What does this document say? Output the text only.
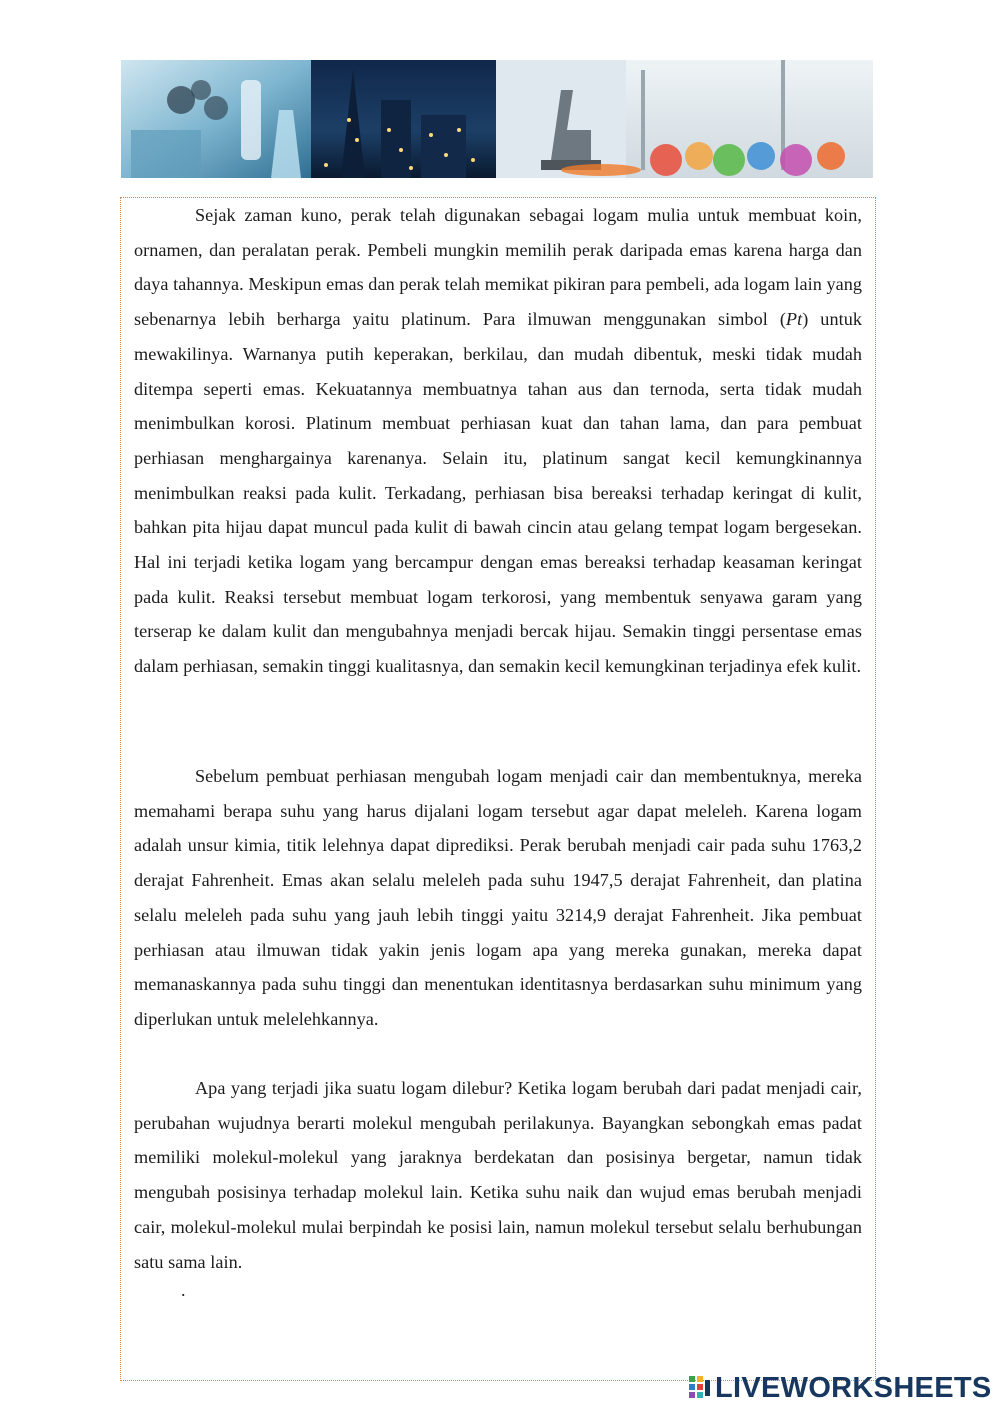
Sejak zaman kuno, perak telah digunakan sebagai logam mulia untuk membuat koin, ornamen, dan peralatan perak. Pembeli mungkin memilih perak daripada emas karena harga dan daya tahannya. Meskipun emas dan perak telah memikat pikiran para pembeli, ada logam lain yang sebenarnya lebih berharga yaitu platinum. Para ilmuwan menggunakan simbol (Pt) untuk mewakilinya. Warnanya putih keperakan, berkilau, dan mudah dibentuk, meski tidak mudah ditempa seperti emas. Kekuatannya membuatnya tahan aus dan ternoda, serta tidak mudah menimbulkan korosi. Platinum membuat perhiasan kuat dan tahan lama, dan para pembuat perhiasan menghargainya karenanya. Selain itu, platinum sangat kecil kemungkinannya menimbulkan reaksi pada kulit. Terkadang, perhiasan bisa bereaksi terhadap keringat di kulit, bahkan pita hijau dapat muncul pada kulit di bawah cincin atau gelang tempat logam bergesekan. Hal ini terjadi ketika logam yang bercampur dengan emas bereaksi terhadap keasaman keringat pada kulit. Reaksi tersebut membuat logam terkorosi, yang membentuk senyawa garam yang terserap ke dalam kulit dan mengubahnya menjadi bercak hijau. Semakin tinggi persentase emas dalam perhiasan, semakin tinggi kualitasnya, dan semakin kecil kemungkinan terjadinya efek kulit.

Sebelum pembuat perhiasan mengubah logam menjadi cair dan membentuknya, mereka memahami berapa suhu yang harus dijalani logam tersebut agar dapat meleleh. Karena logam adalah unsur kimia, titik lelehnya dapat diprediksi. Perak berubah menjadi cair pada suhu 1763,2 derajat Fahrenheit. Emas akan selalu meleleh pada suhu 1947,5 derajat Fahrenheit, dan platina selalu meleleh pada suhu yang jauh lebih tinggi yaitu 3214,9 derajat Fahrenheit. Jika pembuat perhiasan atau ilmuwan tidak yakin jenis logam apa yang mereka gunakan, mereka dapat memanaskannya pada suhu tinggi dan menentukan identitasnya berdasarkan suhu minimum yang diperlukan untuk melelehkannya.

Apa yang terjadi jika suatu logam dilebur? Ketika logam berubah dari padat menjadi cair, perubahan wujudnya berarti molekul mengubah perilakunya. Bayangkan sebongkah emas padat memiliki molekul-molekul yang jaraknya berdekatan dan posisinya bergetar, namun tidak mengubah posisinya terhadap molekul lain. Ketika suhu naik dan wujud emas berubah menjadi cair, molekul-molekul mulai berpindah ke posisi lain, namun molekul tersebut selalu berhubungan satu sama lain.

.
LIVEWORKSHEETS
